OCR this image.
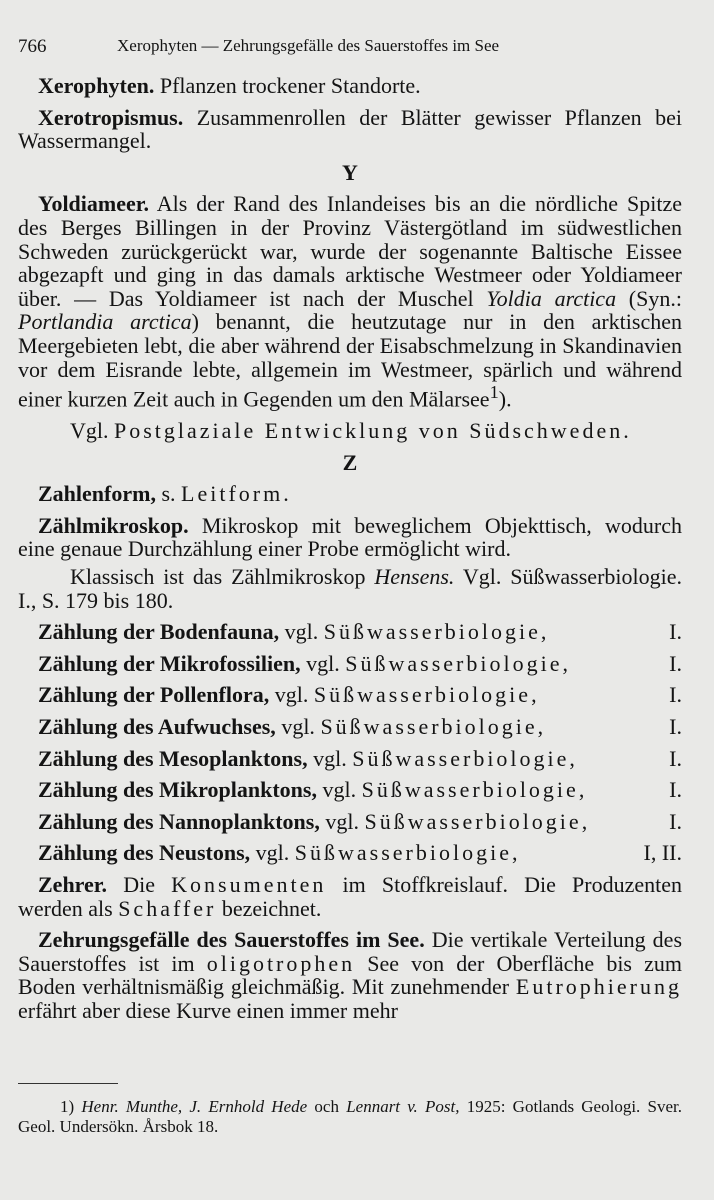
766	Xerophyten — Zehrungsgefälle des Sauerstoffes im See

Xerophyten. Pflanzen trockener Standorte.

Xerotropismus. Zusammenrollen der Blätter gewisser Pflanzen bei Wassermangel.

Y

Yoldiameer. Als der Rand des Inlandeises bis an die nördliche Spitze des Berges Billingen in der Provinz Västergötland im südwestlichen Schweden zurückgerückt war, wurde der sogenannte Baltische Eissee abgezapft und ging in das damals arktische Westmeer oder Yoldiameer über. — Das Yoldiameer ist nach der Muschel Yoldia arctica (Syn.: Portlandia arctica) benannt, die heutzutage nur in den arktischen Meergebieten lebt, die aber während der Eisabschmelzung in Skandinavien vor dem Eisrande lebte, allgemein im Westmeer, spärlich und während einer kurzen Zeit auch in Gegenden um den Mälarsee$^1$).

Vgl. Postglaziale Entwicklung von Südschweden.

Z

Zahlenform, s. Leitform.

Zählmikroskop. Mikroskop mit beweglichem Objekttisch, wodurch eine genaue Durchzählung einer Probe ermöglicht wird.

Klassisch ist das Zählmikroskop Hensens. Vgl. Süßwasserbiologie. I., S. 179 bis 180.

Zählung der Bodenfauna, vgl. Süßwasserbiologie,	I.
Zählung der Mikrofossilien, vgl. Süßwasserbiologie,	I.
Zählung der Pollenflora, vgl. Süßwasserbiologie,	I.
Zählung des Aufwuchses, vgl. Süßwasserbiologie,	I.
Zählung des Mesoplanktons, vgl. Süßwasserbiologie,	I.
Zählung des Mikroplanktons, vgl. Süßwasserbiologie,	I.
Zählung des Nannoplanktons, vgl. Süßwasserbiologie,	I.
Zählung des Neustons, vgl. Süßwasserbiologie,	I, II.

Zehrer. Die Konsumenten im Stoffkreislauf. Die Produzenten werden als Schaffer bezeichnet.

Zehrungsgefälle des Sauerstoffes im See. Die vertikale Verteilung des Sauerstoffes ist im oligotrophen See von der Oberfläche bis zum Boden verhältnismäßig gleichmäßig. Mit zunehmender Eutrophierung erfährt aber diese Kurve einen immer mehr

1) Henr. Munthe, J. Ernhold Hede och Lennart v. Post, 1925: Gotlands Geologi. Sver. Geol. Undersökn. Årsbok 18.
